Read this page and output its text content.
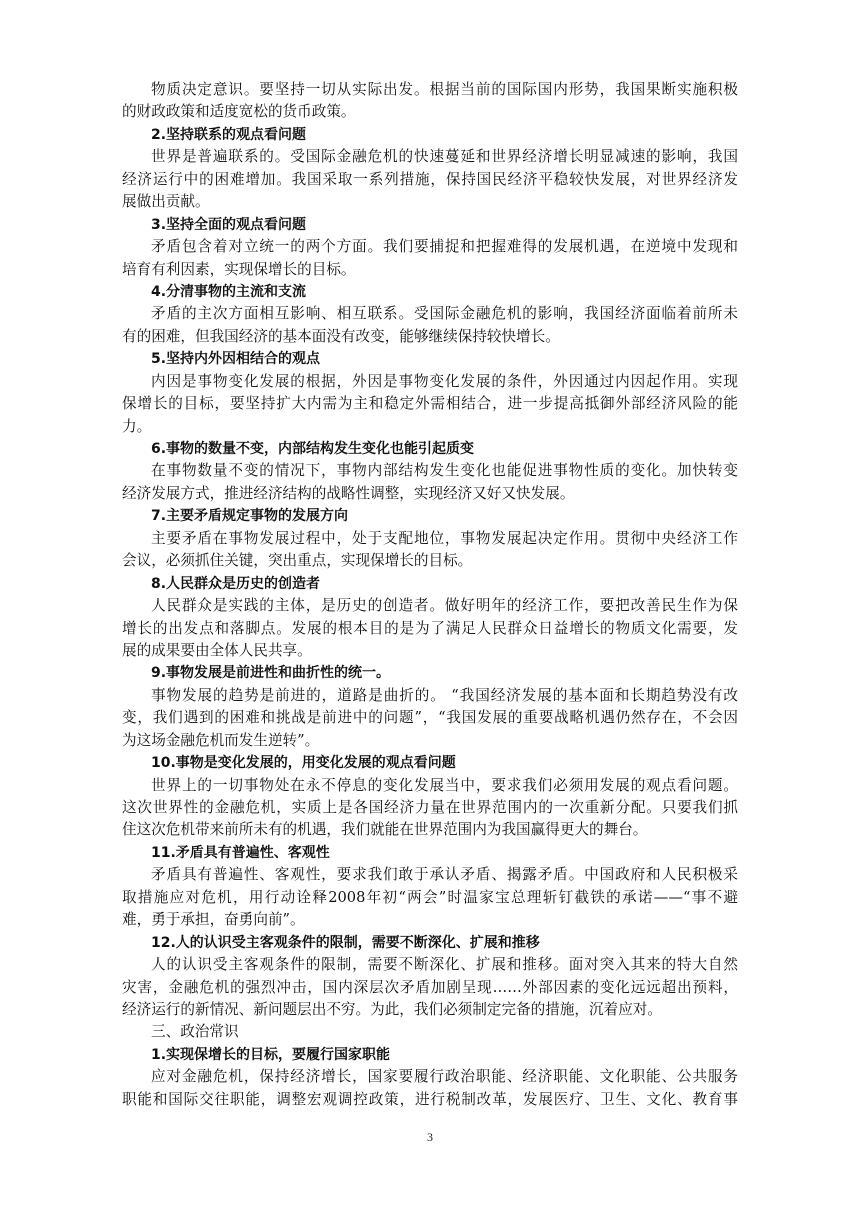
物质决定意识。要坚持一切从实际出发。根据当前的国际国内形势，我国果断实施积极
的财政政策和适度宽松的货币政策。
2.坚持联系的观点看问题
世界是普遍联系的。受国际金融危机的快速蔓延和世界经济增长明显减速的影响，我国
经济运行中的困难增加。我国采取一系列措施，保持国民经济平稳较快发展，对世界经济发
展做出贡献。
3.坚持全面的观点看问题
矛盾包含着对立统一的两个方面。我们要捕捉和把握难得的发展机遇，在逆境中发现和
培育有利因素，实现保增长的目标。
4.分清事物的主流和支流
矛盾的主次方面相互影响、相互联系。受国际金融危机的影响，我国经济面临着前所未
有的困难，但我国经济的基本面没有改变，能够继续保持较快增长。
5.坚持内外因相结合的观点
内因是事物变化发展的根据，外因是事物变化发展的条件，外因通过内因起作用。实现
保增长的目标，要坚持扩大内需为主和稳定外需相结合，进一步提高抵御外部经济风险的能
力。
6.事物的数量不变，内部结构发生变化也能引起质变
在事物数量不变的情况下，事物内部结构发生变化也能促进事物性质的变化。加快转变
经济发展方式，推进经济结构的战略性调整，实现经济又好又快发展。
7.主要矛盾规定事物的发展方向
主要矛盾在事物发展过程中，处于支配地位，事物发展起决定作用。贯彻中央经济工作
会议，必须抓住关键，突出重点，实现保增长的目标。
8.人民群众是历史的创造者
人民群众是实践的主体，是历史的创造者。做好明年的经济工作，要把改善民生作为保
增长的出发点和落脚点。发展的根本目的是为了满足人民群众日益增长的物质文化需要，发
展的成果要由全体人民共享。
9.事物发展是前进性和曲折性的统一。
事物发展的趋势是前进的，道路是曲折的。 “我国经济发展的基本面和长期趋势没有改
变，我们遇到的困难和挑战是前进中的问题”，“我国发展的重要战略机遇仍然存在，不会因
为这场金融危机而发生逆转”。
10.事物是变化发展的，用变化发展的观点看问题
世界上的一切事物处在永不停息的变化发展当中，要求我们必须用发展的观点看问题。
这次世界性的金融危机，实质上是各国经济力量在世界范围内的一次重新分配。只要我们抓
住这次危机带来前所未有的机遇，我们就能在世界范围内为我国赢得更大的舞台。
11.矛盾具有普遍性、客观性
矛盾具有普遍性、客观性，要求我们敢于承认矛盾、揭露矛盾。中国政府和人民积极采
取措施应对危机，用行动诠释2008年初“两会”时温家宝总理斩钉截铁的承诺——“事不避
难，勇于承担，奋勇向前”。
12.人的认识受主客观条件的限制，需要不断深化、扩展和推移
人的认识受主客观条件的限制，需要不断深化、扩展和推移。面对突入其来的特大自然
灾害，金融危机的强烈冲击，国内深层次矛盾加剧呈现……外部因素的变化远远超出预料，
经济运行的新情况、新问题层出不穷。为此，我们必须制定完备的措施，沉着应对。
三、政治常识
1.实现保增长的目标，要履行国家职能
应对金融危机，保持经济增长，国家要履行政治职能、经济职能、文化职能、公共服务
职能和国际交往职能，调整宏观调控政策，进行税制改革，发展医疗、卫生、文化、教育事
3
